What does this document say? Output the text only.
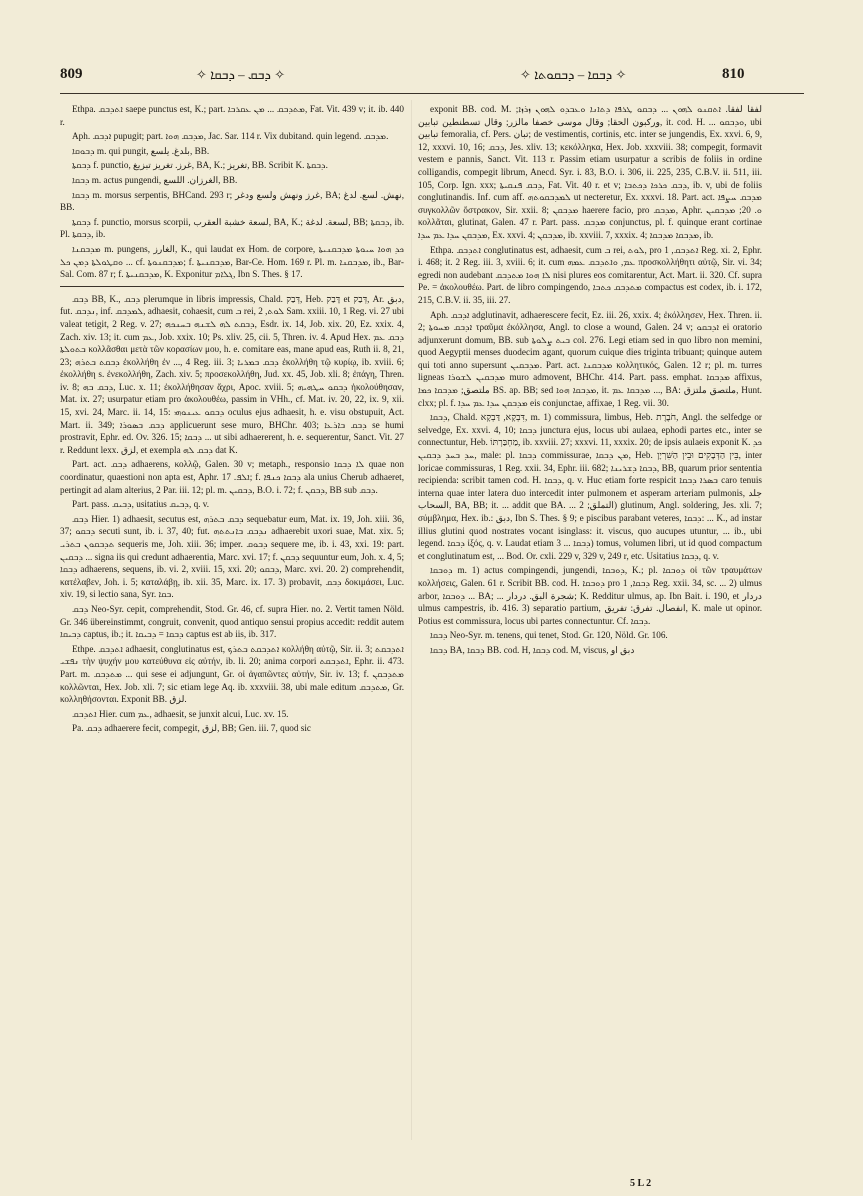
809	✧ ܕܒܩ – ܕܒܩܐ ✧	✧ ܕܒܩܐ – ܕܒܩܘܬܐ ✧	810

Ethpa. ܐܬܕܒܩ saepe punctus est, K.; part. ܡܬܕܒܩ ... ܡܢ ܥܩܪܒܐ, Fat. Vit. 439 v; it. ib. 440 r.

Aph. ܐܕܒܩ pupugit; part. ܡܕܒܩ ܗܘܐ, Jac. Sar. 114 r. Vix dubitand. quin legend. ܡܕܒܩ.

ܕܒܘܩܐ m. qui pungit, بلدغ. يلسع, BB.

ܕܒܩܬܐ f. punctio, غرز. تغريز تبزيغ, BA, K.; تغريز, BB. Scribit K. ܕܒܩܬܐ.

ܕܒܩܐ m. actus pungendi, الغرزان. اللسع, BB.

ܕܒܩܐ m. morsus serpentis, BHCand. 293 r; غرز ونهش ولسع ودغر, BA; نهش. لسع. لدغ, BB.

ܕܒܩܬܐ f. punctio, morsus scorpii, لسعة خشبة العقرب, BA, K.; لسعة. لدغة, BB; ܕܒܩܬܐ, ib. Pl. ܕܒܩܬܐ, ib.

ܡܕܒܩܢܐ m. pungens, الغارز, K., qui laudat ex Hom. de corpore, ܟܕ ܗܘܐ ܚܝܘܬܐ ܡܕܒܩܢܝܬܐ ܘܩܛܘܠܬܐ ܕܡܢ ܟܠ ... cf. ܡܕܒܩܢܘܬܐ; f. ܡܕܒܩܢܝܬܐ, Bar-Ce. Hom. 169 r. Pl. m. ܡܕܒܩܢܐ, ib., Bar-Sal. Com. 87 r; f. ܡܕܒܩܢܝܬܐ, K. Exponitur ܓܠܐܡ, Ibn S. Thes. § 17.

ܕܒܩ BB, K., ܕܒܩ plerumque in libris impressis, Chald. דְּבַק, Heb. דָּבַק et דְּבַק, Ar. دبق, fut. ܢܕܒܩ, inf. ܠܡܕܒܩ, adhaesit, cohaesit, cum ܒ rei, ܠܘܬ, 2 Sam. xxiii. 10, 1 Reg. vi. 27 ubi valeat tetigit, 2 Reg. v. 27; ܕܒܩܬ ܠܗ ܠܫܢܗ ܒܚܢܟܗ, Esdr. ix. 14, Job. xix. 20, Ez. xxix. 4, Zach. xiv. 13; it. cum ܥܡ, Job. xxix. 10; Ps. xliv. 25, cii. 5, Thren. iv. 4. Apud Hex. ܕܒܩ ܥܡ ܒܬܘܠܬܐ κολλᾶσθαι μετὰ τῶν κορασίων μου, h. e. comitare eas, mane apud eas, Ruth ii. 8, 21, 23; ܕܒܩܬ ܒܬܪܗ ἐκολλήθη ἐν ..., 4 Reg. iii. 3; ܕܒܩ ܒܡܪܝܐ ἐκολλήθη τῷ κυρίῳ, ib. xviii. 6; ἐκολλήθη s. ἐνεκολλήθη, Zach. xiv. 5; προσεκολλήθη, Jud. xx. 45, Job. xli. 8; ἐπάγη, Thren. iv. 8; ܕܒܩ ܒܗ, Luc. x. 11; ἐκολλήθησαν ἄχρι, Apoc. xviii. 5; ܕܒܩܘ ܚܛܗܝܗ ἠκολούθησαν, Mat. ix. 27; usurpatur etiam pro ἀκολουθέω, passim in VHh., cf. Mat. iv. 20, 22, ix. 9, xii. 15, xvi. 24, Marc. ii. 14, 15: ܕܒܩܘ ܥܝܢܘܗܝ oculus ejus adhaesit, h. e. visu obstupuit, Act. Mart. ii. 349; ܕܒܩ ܒܣܘܪܐ applicuerunt sese muro, BHChr. 403; ܕܒܩ ܒܐܪܥܐ se humi prostravit, Ephr. ed. Ov. 326. 15; ܕܒܩܐ ... ut sibi adhaererent, h. e. sequerentur, Sanct. Vit. 27 r. Reddunt lexx. لزق, et exempla ܕܒܩ ܠܗ dat K.

Part. act. ܕܒܩ adhaerens, κολλῷ, Galen. 30 v; metaph., responsio ܠܐ ܕܒܩܐ quae non coordinatur, quaestioni non apta est, Aphr. ܐܠܦ. 17; f. ܕܒܩܐ ܟܢܦܐ ala unius Cherub adhaeret, pertingit ad alam alterius, 2 Par. iii. 12; pl. m. ܕܒܩܝܢ, B.O. i. 72; f. ܕܒܩܢ, BB sub ܕܒܩ.

Part. pass. ܕܒܝܩ, usitatius ܕܒܝܩ, q. v.

ܕܒܩ Hier. 1) adhaesit, secutus est, ܕܒܩ ܒܬܪܗ sequebatur eum, Mat. ix. 19, Joh. xiii. 36, 37; ܕܒܩܘ secuti sunt, ib. i. 37, 40; fut. ܢܕܒܩ ܒܐܢܬܬܗ adhaerebit uxori suae, Mat. xix. 5; ܬܕܒܩܘܢ ܒܬܪܝ sequeris me, Joh. xiii. 36; imper. ܕܒܘܩ sequere me, ib. i. 43, xxi. 19: part. ܕܒܩܝܢ ... signa iis qui credunt adhaerentia, Marc. xvi. 17; f. ܕܒܩܢ sequuntur eum, Joh. x. 4, 5; ܕܒܩܐ adhaerens, sequens, ib. vi. 2, xviii. 15, xxi. 20; ܕܒܩܘ, Marc. xvi. 20. 2) comprehendit, κατέλαβεν, Joh. i. 5; καταλάβῃ, ib. xii. 35, Marc. ix. 17. 3) probavit, ܕܒܩ δοκιμάσει, Luc. xiv. 19, si lectio sana, Syr. ܒܩܐ.

ܕܒܩ Neo-Syr. cepit, comprehendit, Stod. Gr. 46, cf. supra Hier. no. 2. Vertit tamen Nöld. Gr. 346 übereinstimmt, congruit, convenit, quod antiquo sensui propius accedit: reddit autem ܕܒܝܩܐ captus, ib.; it. ܕܒܩܐ = ܕܒܝܩܐ captus est ab iis, ib. 317.

Ethpe. ܐܬܕܒܩ adhaesit, conglutinatus est, ܐܬܕܒܩܬ ܒܬܪܟ κολλήθη αὐτῷ, Sir. ii. 3; ܐܬܕܒܩܬ ܢܦܫܝ τὴν ψυχήν μου κατεύθυνα εἰς αὐτήν, ib. li. 20; anima corpori ܐܬܕܒܩܬ, Ephr. ii. 473. Part. m. ܡܬܕܒܩ ... qui sese ei adjungunt, Gr. οἱ ἀγαπῶντες αὐτήν, Sir. iv. 13; f. ܡܬܕܒܩܢ κολλῶνται, Hex. Job. xli. 7; sic etiam lege Aq. ib. xxxviii. 38, ubi male editum ܡܬܕܒܩ, Gr. κολληθήσονται. Exponit BB. لزق.

ܐܬܕܒܩ Hier. cum ܥܡ, adhaesit, se junxit alcui, Luc. xv. 15.

Pa. ܕܒܩ adhaerere fecit, compegit, لزق, BB; Gen. iii. 7, quod sic

exponit BB. cod. M. لفقا لفقا. ܐܬܩܢܘ ܠܗܘܢ ... ܕܒܩܘ ܛܪܦܐ ܕܬܐܢܐ ܘܥܒܕܘ ܠܗܘܢ ܙܪܙܐ; وركبون الحقا; وقال موسى خصفا مالزر; وقال تسطنطين تبابين, it. cod. H. ... ܘܕܒܩܘ, ubi تبابين femoralia, cf. Pers. تبان; de vestimentis, cortinis, etc. inter se jungendis, Ex. xxvi. 6, 9, 12, xxxvi. 10, 16; ܕܒܩ, Jes. xliv. 13; κεκόλληκα, Hex. Job. xxxviii. 38; compegit, formavit vestem e pannis, Sanct. Vit. 113 r. Passim etiam usurpatur a scribis de foliis in ordine colligandis, compegit librum, Anecd. Syr. i. 83, B.O. i. 306, ii. 225, 235, C.B.V. ii. 511, iii. 105, Corp. Ign. xxx; ܕܒܩ ܦܢܩܝܬܐ, Fat. Vit. 40 r. et v; ܕܒܩ ܟܪܟܐ ܕܟܬܒܐ, ib. v, ubi de foliis conglutinandis. Inf. cum aff. ܠܡܕܒܩܘܬܗ ut necteretur, Ex. xxxvi. 18. Part. act. ܡܕܒܩ ܚܨܦܐ συγκολλῶν ὄστρακον, Sir. xxii. 8; ܡܕܒܩܢ haerere facio, pro ܡܕܒܩ, Aphr. ܘ. 20; ܡܕܒܩܝܢ κολλᾶται, glutinat, Galen. 47 r. Part. pass. ܡܕܒܩ conjunctus, pl. f. quinque erant cortinae ܡܕܒܩܢ ܚܕܐ ܥܡ ܚܕܐ, Ex. xxvi. 4; ܡܕܒܩܢ, ib. xxviii. 7, xxxix. 4; ܡܕܒܩܐ ܡܕܒܩܐ, ib.

Ethpa. ܐܬܕܒܩ conglutinatus est, adhaesit, cum ܒ rei, ܠܘܬ, pro ܐܬܕܒܩ, 1 Reg. xi. 2, Ephr. i. 468; it. 2 Reg. iii. 3, xviii. 6; it. cum ܥܡ, ܘܐܬܕܒܩ ܥܡܗ προσκολλήθητι αὐτῷ, Sir. vi. 34; egredi non audebant ܠܐ ܗܘܐ ܡܬܕܒܩ nisi plures eos comitarentur, Act. Mart. ii. 320. Cf. supra Pe. = ἀκολουθέω. Part. de libro compingendo, ܡܬܕܒܩ ܟܬܒܐ compactus est codex, ib. i. 172, 215, C.B.V. ii. 35, iii. 27.

Aph. ܐܕܒܩ adglutinavit, adhaerescere fecit, Ez. iii. 26, xxix. 4; ἐκόλλησεν, Hex. Thren. ii. 2; ܐܕܒܩ ܡܚܘܬܐ τραῦμα ἐκόλλησα, Angl. to close a wound, Galen. 24 v; ܐܕܒܩܘ ei oratorio adjunxerunt domum, BB. sub ܒܝܬ ܨܠܘܬܐ col. 276. Legi etiam sed in quo libro non memini, quod Aegyptii menses duodecim agant, quorum cuique dies triginta tribuant; quinque autem qui toti anno supersunt ܡܕܒܩܝܢ. Part. act. ܡܕܒܩܢܐ κολλητικός, Galen. 12 r; pl. m. turres ligneas ܡܕܒܩܝܢ ܠܫܘܪܐ muro admovent, BHChr. 414. Part. pass. emphat. ܡܕܒܩܐ affixus, ملتصق; ܡܕܒܩܐ ܟܡܐ BS. ap. BB; sed ܡܕܒܩܐ ܗܘܐ, it. ܡܕܒܩܐ ܥܡ ..., BA: ملتصق ملتزق, Hunt. clxx; pl. f. ܡܕܒܩܢ ܚܕܐ ܥܡ ܚܕܐ eis conjunctae, affixae, 1 Reg. vii. 30.

ܕܒܩܐ, Chald. דִּבְקָא, דַּבְקָא, m. 1) commissura, limbus, Heb. חֹבֶרֶת, Angl. the selfedge or selvedge, Ex. xxvi. 4, 10; ܕܒܩܐ junctura ejus, locus ubi aulaea, ephodi partes etc., inter se connectuntur, Heb. מַחְבַּרְתּוֹ, ib. xxviii. 27; xxxvi. 11, xxxix. 20; de ipsis aulaeis exponit K. ܟܕ ܚܕ ܒܚܕ ܕܒܩܝܢ, male: pl. ܕܒܩܐ commissurae, ܡܢ ܕܒܩܐ, Heb. בֵּין הַדְּבָקִים וּבֵין הַשִּׁרְיָן, inter loricae commissuras, 1 Reg. xxii. 34, Ephr. iii. 682; ܕܒܩܐ ܕܫܪܝܢܐ, BB, quarum prior sententia recipienda: scribit tamen cod. H. ܕܒܩܐ, q. v. Huc etiam forte respicit ܒܣܪܐ ܕܒܩܐ caro tenuis interna quae inter latera duo intercedit inter pulmonem et asperam arteriam pulmonis, جلد السحاب, BA, BB; it. ... addit que BA. ... التملق; 2) glutinum, Angl. soldering, Jes. xli. 7; σύμβλημα, Hex. ib.: دبق, Ibn S. Thes. § 9; e piscibus parabant veteres, ܕܒܩܐ: ... K., ad instar illius glutini quod nostrates vocant isinglass: it. viscus, quo aucupes utuntur, ... ib., ubi legend. ܕܒܩܐ ἰξός, q. v. Laudat etiam ܕܒܩܐ ... 3) tomus, volumen libri, ut id quod compactum et conglutinatum est, ... Bod. Or. cxli. 229 v, 329 v, 249 r, etc. Usitatius ܕܒܩܐ, q. v.

ܕܘܒܩܐ m. 1) actus compingendi, jungendi, ܕܘܒܩܐ, K.; pl. ܕܘܒܩܐ οἱ τῶν τραυμάτων κολλήσεις, Galen. 61 r. Scribit BB. cod. H. ܕܘܒܩܐ pro ܕܒܩܐ, 1 Reg. xxii. 34, sc. ... 2) ulmus arbor, ܕܘܒܩܐ ... BA; ... شجرة البق. دردار; K. Redditur ulmus, ap. Ibn Bait. i. 190, et دردار ulmus campestris, ib. 416. 3) separatio partium, انفصال. تفرق: تفريق, K. male ut opinor. Potius est commissura, locus ubi partes connectuntur. Cf. ܕܒܩܐ.

ܕܒܩܐ Neo-Syr. m. tenens, qui tenet, Stod. Gr. 120, Nöld. Gr. 106.

ܕܒܩܐ BA, ܕܒܩܐ BB. cod. H, ܕܒܩܐ cod. M, viscus, دبق او

5 L 2
